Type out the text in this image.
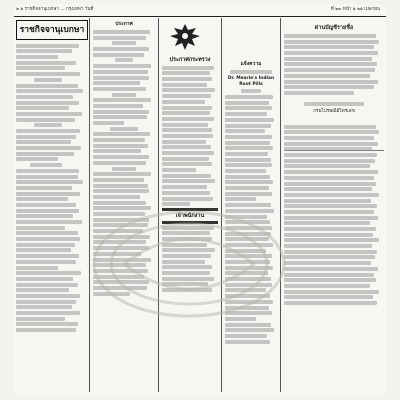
๒ ๑ ราชกิจจานุเบกษา ... กรุงเทพฯ วันที่	ที่ ๒๓ หน้า ๑ ๒๑ เมษายน
ราชกิจจานุเบกษา
ประกาศ
ประกาศกระทรวง
เจ้าพนักงาน
แจ้งความ
Dr. Mearie's Indian
Root Pills
ด่านบัญชีรายชื่อ
กรมไปรษณีย์โทรเลข
